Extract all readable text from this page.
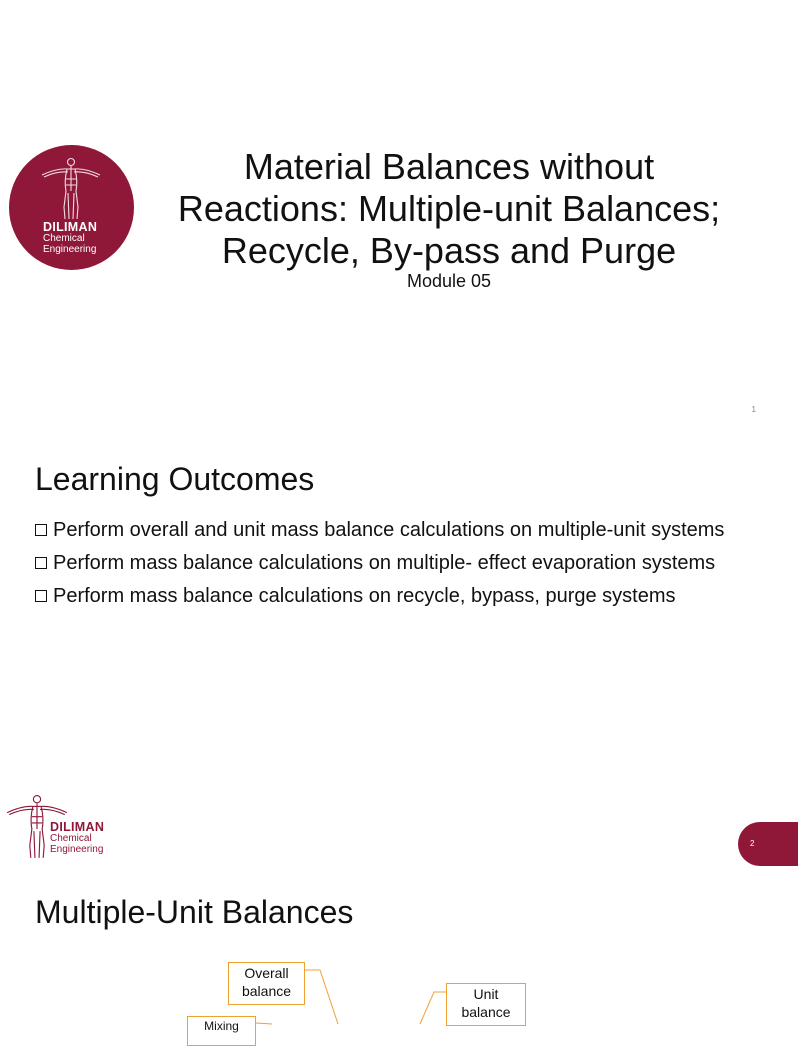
DILIMAN
Chemical
Engineering
Material Balances without
Reactions: Multiple-unit Balances;
Recycle, By-pass and Purge
Module 05
1
Learning Outcomes
Perform overall and unit mass balance calculations on multiple-unit systems
Perform mass balance calculations on multiple- effect evaporation systems
Perform mass balance calculations on recycle, bypass, purge systems
DILIMAN
Chemical
Engineering
2
Multiple-Unit Balances
Overall
balance	Unit
balance
Mixing
